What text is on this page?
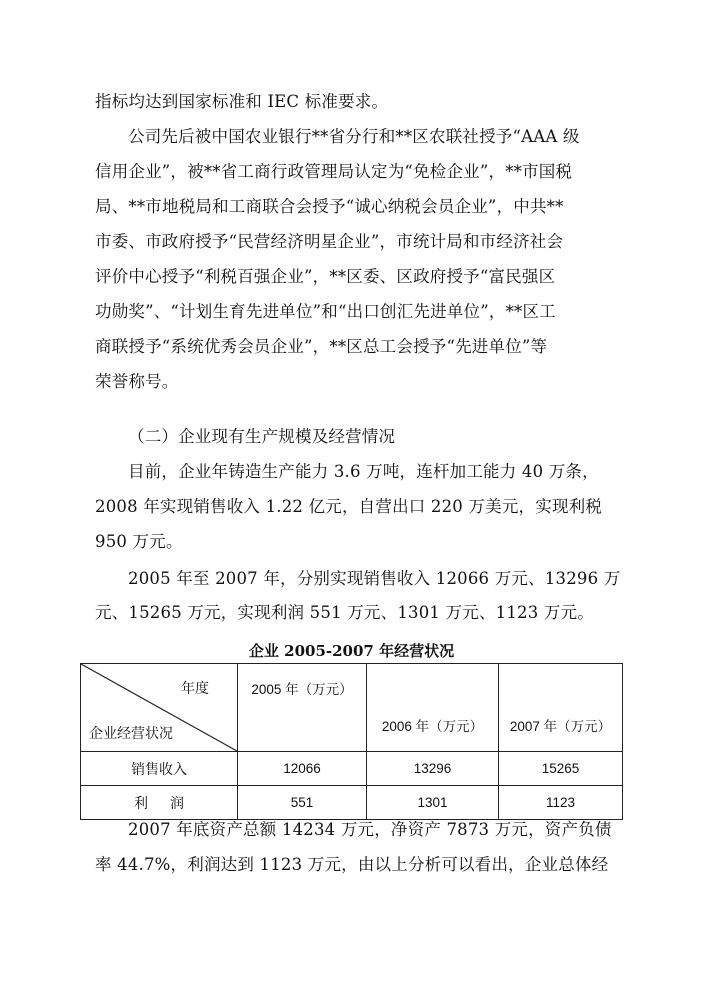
指标均达到国家标准和 IEC 标准要求。
公司先后被中国农业银行**省分行和**区农联社授予“AAA 级
信用企业”，被**省工商行政管理局认定为“免检企业”，**市国税
局、**市地税局和工商联合会授予“诚心纳税会员企业”，中共**
市委、市政府授予“民营经济明星企业”，市统计局和市经济社会
评价中心授予“利税百强企业”，**区委、区政府授予“富民强区
功勋奖”、“计划生育先进单位”和“出口创汇先进单位”，**区工
商联授予“系统优秀会员企业”，**区总工会授予“先进单位”等
荣誉称号。
（二）企业现有生产规模及经营情况
目前，企业年铸造生产能力 3.6 万吨，连杆加工能力 40 万条，
2008 年实现销售收入 1.22 亿元，自营出口 220 万美元，实现利税
950 万元。
2005 年至 2007 年，分别实现销售收入 12066 万元、13296 万
元、15265 万元，实现利润 551 万元、1301 万元、1123 万元。
企业 2005-2007 年经营状况
年度
企业经营状况	2005 年（万元）	2006 年（万元）	2007 年（万元）
销售收入	12066	13296	15265
利润	551	1301	1123
2007 年底资产总额 14234 万元，净资产 7873 万元，资产负债
率 44.7%，利润达到 1123 万元，由以上分析可以看出，企业总体经
